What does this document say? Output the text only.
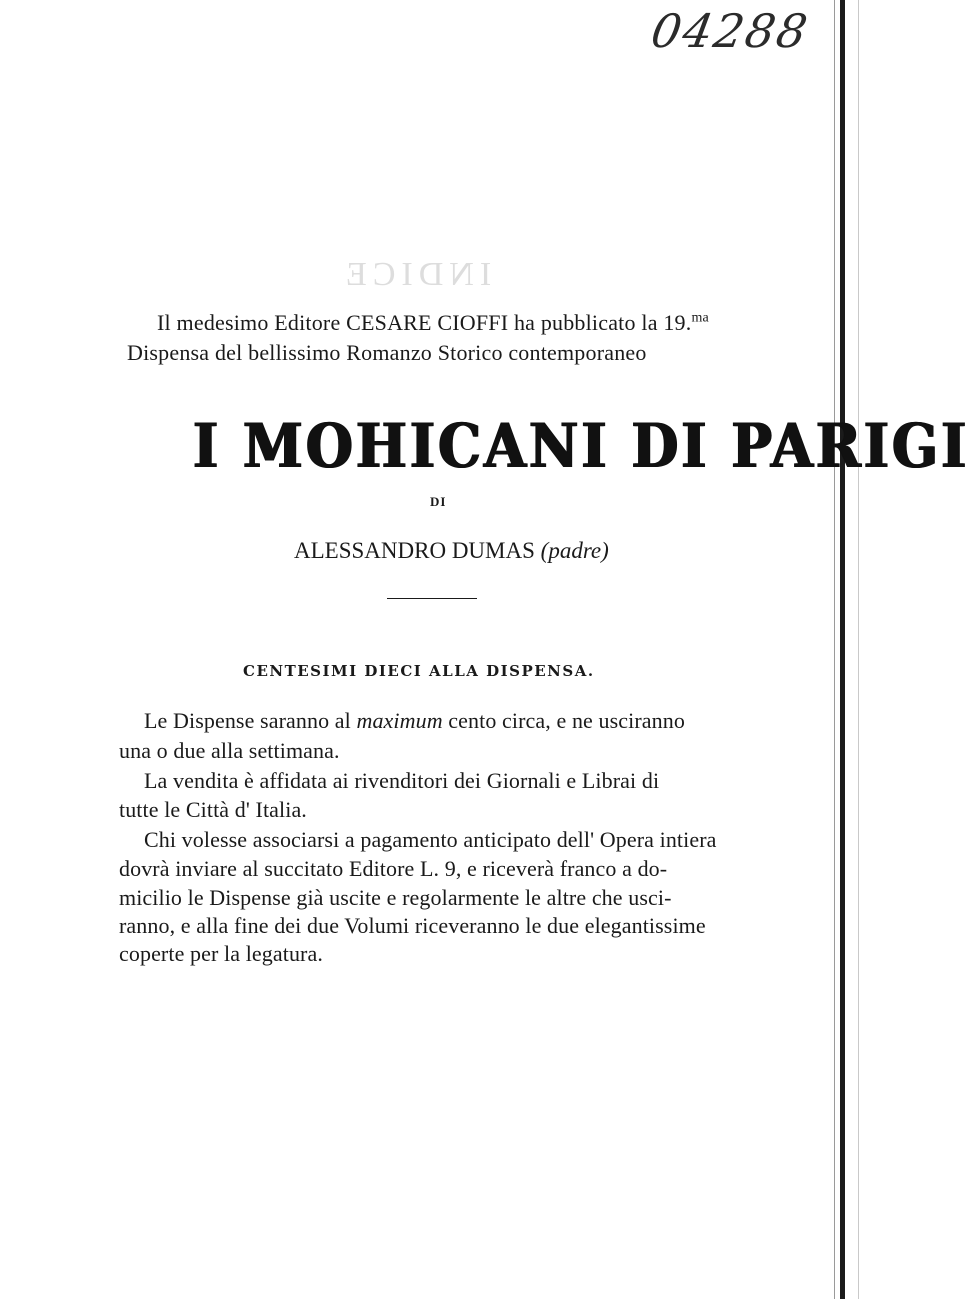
04288
INDICE
Il medesimo Editore CESARE CIOFFI ha pubblicato la 19.$^{ma}$
Dispensa del bellissimo Romanzo Storico contemporaneo
I MOHICANI DI PARIGI
DI
ALESSANDRO DUMAS (padre)
CENTESIMI DIECI ALLA DISPENSA.
Le Dispense saranno al maximum cento circa, e ne usciranno
una o due alla settimana.
La vendita è affidata ai rivenditori dei Giornali e Librai di
tutte le Città d' Italia.
Chi volesse associarsi a pagamento anticipato dell' Opera intiera
dovrà inviare al succitato Editore L. 9, e riceverà franco a do-
micilio le Dispense già uscite e regolarmente le altre che usci-
ranno, e alla fine dei due Volumi riceveranno le due elegantissime
coperte per la legatura.
